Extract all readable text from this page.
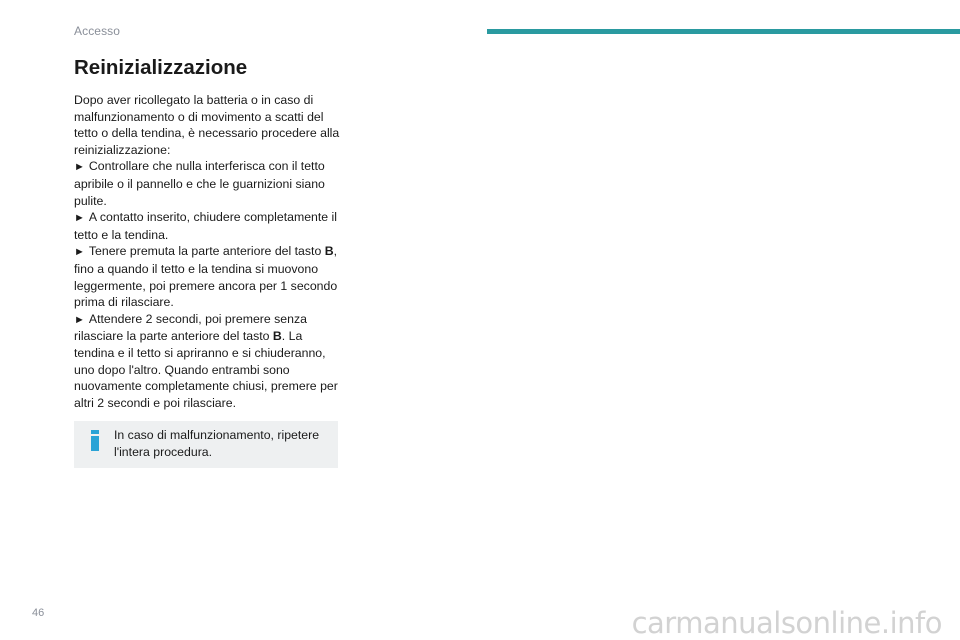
Accesso
Reinizializzazione

Dopo aver ricollegato la batteria o in caso di malfunzionamento o di movimento a scatti del tetto o della tendina, è necessario procedere alla reinizializzazione:

► Controllare che nulla interferisca con il tetto apribile o il pannello e che le guarnizioni siano pulite.

► A contatto inserito, chiudere completamente il tetto e la tendina.

► Tenere premuta la parte anteriore del tasto B, fino a quando il tetto e la tendina si muovono leggermente, poi premere ancora per 1 secondo prima di rilasciare.

► Attendere 2 secondi, poi premere senza rilasciare la parte anteriore del tasto B. La tendina e il tetto si apriranno e si chiuderanno, uno dopo l'altro. Quando entrambi sono nuovamente completamente chiusi, premere per altri 2 secondi e poi rilasciare.

In caso di malfunzionamento, ripetere l'intera procedura.
46	carmanualsonline.info
